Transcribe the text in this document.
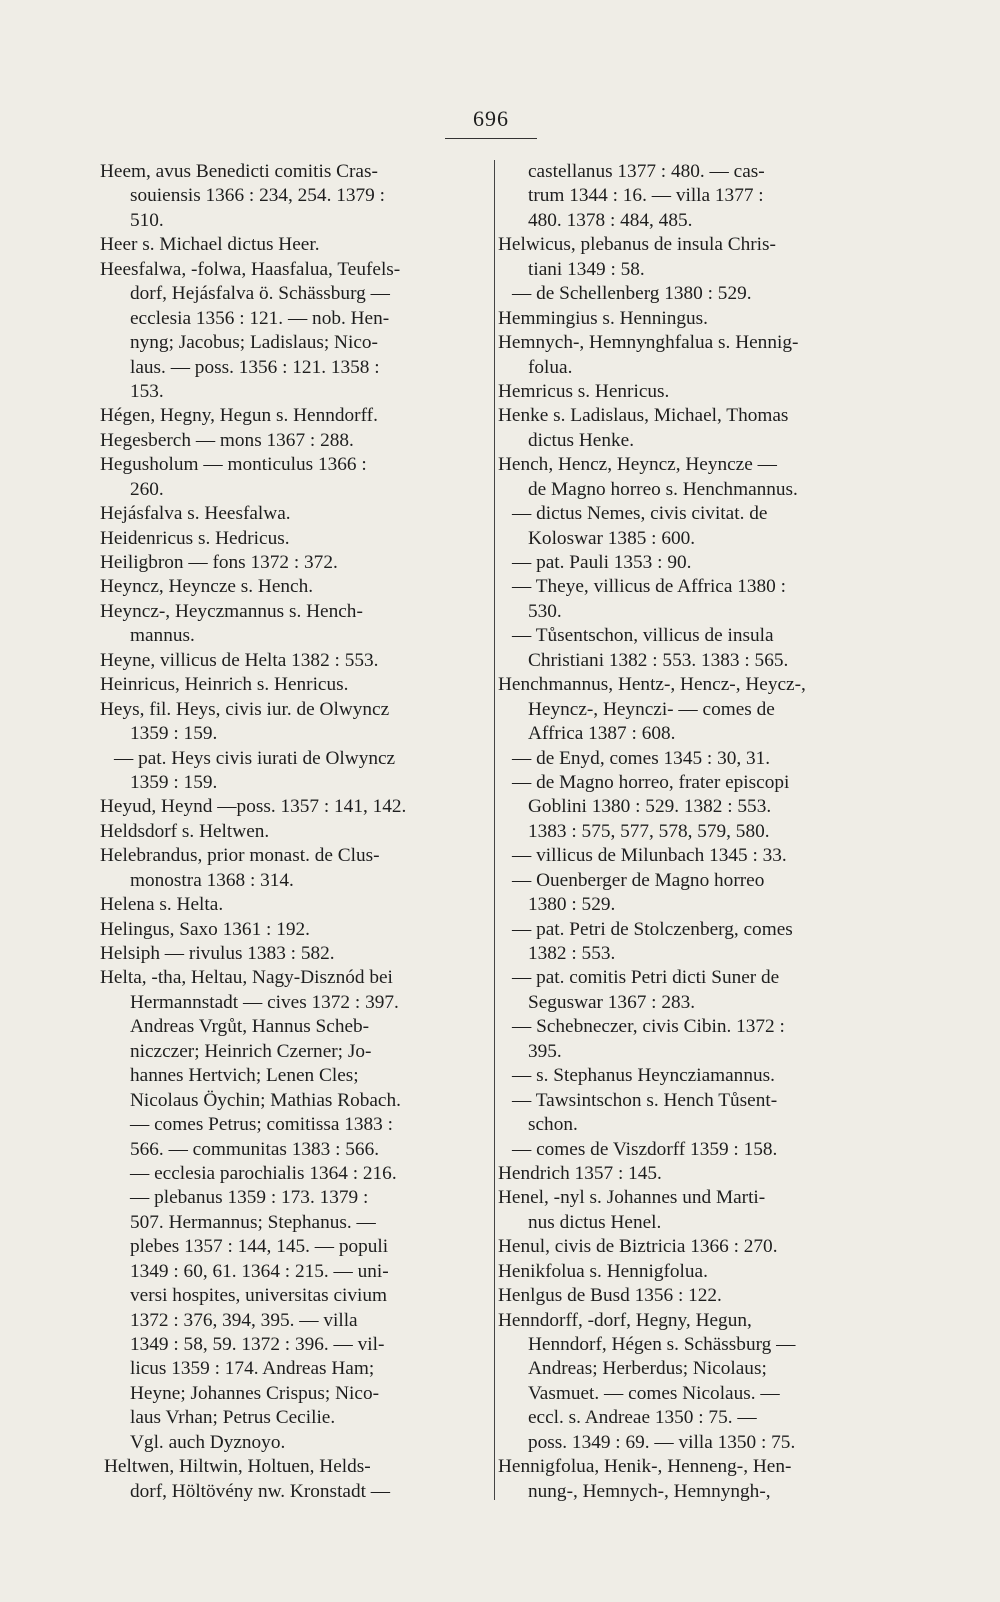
696
Heem, avus Benedicti comitis Cras-
souiensis 1366 : 234, 254. 1379 :
510.
Heer s. Michael dictus Heer.
Heesfalwa, -folwa, Haasfalua, Teufels-
dorf, Hejásfalva ö. Schässburg —
ecclesia 1356 : 121. — nob. Hen-
nyng; Jacobus; Ladislaus; Nico-
laus. — poss. 1356 : 121. 1358 :
153.
Hégen, Hegny, Hegun s. Henndorff.
Hegesberch — mons 1367 : 288.
Hegusholum — monticulus 1366 :
260.
Hejásfalva s. Heesfalwa.
Heidenricus s. Hedricus.
Heiligbron — fons 1372 : 372.
Heyncz, Heyncze s. Hench.
Heyncz-, Heyczmannus s. Hench-
mannus.
Heyne, villicus de Helta 1382 : 553.
Heinricus, Heinrich s. Henricus.
Heys, fil. Heys, civis iur. de Olwyncz
1359 : 159.
— pat. Heys civis iurati de Olwyncz
1359 : 159.
Heyud, Heynd —poss. 1357 : 141, 142.
Heldsdorf s. Heltwen.
Helebrandus, prior monast. de Clus-
monostra 1368 : 314.
Helena s. Helta.
Helingus, Saxo 1361 : 192.
Helsiph — rivulus 1383 : 582.
Helta, -tha, Heltau, Nagy-Disznód bei
Hermannstadt — cives 1372 : 397.
Andreas Vrgůt, Hannus Scheb-
niczczer; Heinrich Czerner; Jo-
hannes Hertvich; Lenen Cles;
Nicolaus Öychin; Mathias Robach.
— comes Petrus; comitissa 1383 :
566. — communitas 1383 : 566.
— ecclesia parochialis 1364 : 216.
— plebanus 1359 : 173. 1379 :
507. Hermannus; Stephanus. —
plebes 1357 : 144, 145. — populi
1349 : 60, 61. 1364 : 215. — uni-
versi hospites, universitas civium
1372 : 376, 394, 395. — villa
1349 : 58, 59. 1372 : 396. — vil-
licus 1359 : 174. Andreas Ham;
Heyne; Johannes Crispus; Nico-
laus Vrhan; Petrus Cecilie.
Vgl. auch Dyznoyo.
Heltwen, Hiltwin, Holtuen, Helds-
dorf, Höltövény nw. Kronstadt —
castellanus 1377 : 480. — cas-
trum 1344 : 16. — villa 1377 :
480. 1378 : 484, 485.
Helwicus, plebanus de insula Chris-
tiani 1349 : 58.
— de Schellenberg 1380 : 529.
Hemmingius s. Henningus.
Hemnych-, Hemnynghfalua s. Hennig-
folua.
Hemricus s. Henricus.
Henke s. Ladislaus, Michael, Thomas
dictus Henke.
Hench, Hencz, Heyncz, Heyncze —
de Magno horreo s. Henchmannus.
— dictus Nemes, civis civitat. de
Koloswar 1385 : 600.
— pat. Pauli 1353 : 90.
— Theye, villicus de Affrica 1380 :
530.
— Tůsentschon, villicus de insula
Christiani 1382 : 553. 1383 : 565.
Henchmannus, Hentz-, Hencz-, Heycz-,
Heyncz-, Heynczi- — comes de
Affrica 1387 : 608.
— de Enyd, comes 1345 : 30, 31.
— de Magno horreo, frater episcopi
Goblini 1380 : 529. 1382 : 553.
1383 : 575, 577, 578, 579, 580.
— villicus de Milunbach 1345 : 33.
— Ouenberger de Magno horreo
1380 : 529.
— pat. Petri de Stolczenberg, comes
1382 : 553.
— pat. comitis Petri dicti Suner de
Seguswar 1367 : 283.
— Schebneczer, civis Cibin. 1372 :
395.
— s. Stephanus Heyncziamannus.
— Tawsintschon s. Hench Tůsent-
schon.
— comes de Viszdorff 1359 : 158.
Hendrich 1357 : 145.
Henel, -nyl s. Johannes und Marti-
nus dictus Henel.
Henul, civis de Biztricia 1366 : 270.
Henikfolua s. Hennigfolua.
Henlgus de Busd 1356 : 122.
Henndorff, -dorf, Hegny, Hegun,
Henndorf, Hégen s. Schässburg —
Andreas; Herberdus; Nicolaus;
Vasmuet. — comes Nicolaus. —
eccl. s. Andreae 1350 : 75. —
poss. 1349 : 69. — villa 1350 : 75.
Hennigfolua, Henik-, Henneng-, Hen-
nung-, Hemnych-, Hemnyngh-,
